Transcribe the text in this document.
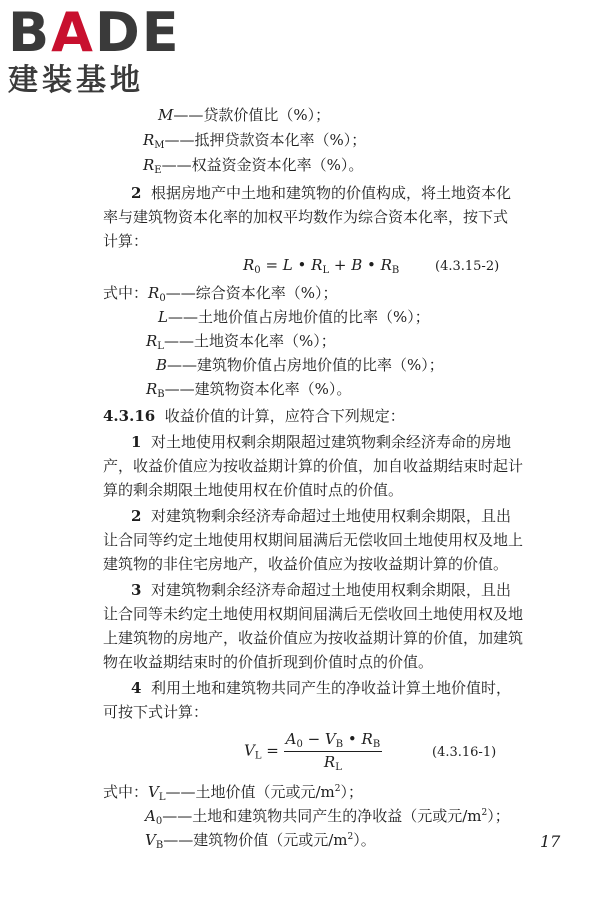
BADE
建装基地
M——贷款价值比（%）；
$R_M——$抵押贷款资本化率（%）；
$R_E——$权益资金资本化率（%）。
2 根据房地产中土地和建筑物的价值构成，将土地资本化
率与建筑物资本化率的加权平均数作为综合资本化率，按下式
计算：
$R_0 = L$ • $R_L + B$ • $R_B$	(4.3.15-2)
式中：$R_0——$综合资本化率（%）；
L——土地价值占房地价值的比率（%）；
$R_L——$土地资本化率（%）；
B——建筑物价值占房地价值的比率（%）；
$R_B——$建筑物资本化率（%）。
4.3.16 收益价值的计算，应符合下列规定：
1 对土地使用权剩余期限超过建筑物剩余经济寿命的房地
产，收益价值应为按收益期计算的价值，加自收益期结束时起计
算的剩余期限土地使用权在价值时点的价值。
2 对建筑物剩余经济寿命超过土地使用权剩余期限，且出
让合同等约定土地使用权期间届满后无偿收回土地使用权及地上
建筑物的非住宅房地产，收益价值应为按收益期计算的价值。
3 对建筑物剩余经济寿命超过土地使用权剩余期限，且出
让合同等未约定土地使用权期间届满后无偿收回土地使用权及地
上建筑物的房地产，收益价值应为按收益期计算的价值，加建筑
物在收益期结束时的价值折现到价值时点的价值。
4 利用土地和建筑物共同产生的净收益计算土地价值时，
可按下式计算：
$V_L = \frac{A_0 - V_B • R_B}{R_L}$	(4.3.16-1)
式中：$V_L——$土地价值（元或元$/m^2$）；
$A_0——$土地和建筑物共同产生的净收益（元或元$/m^2$）；
$V_B——$建筑物价值（元或元$/m^2$）。	17
